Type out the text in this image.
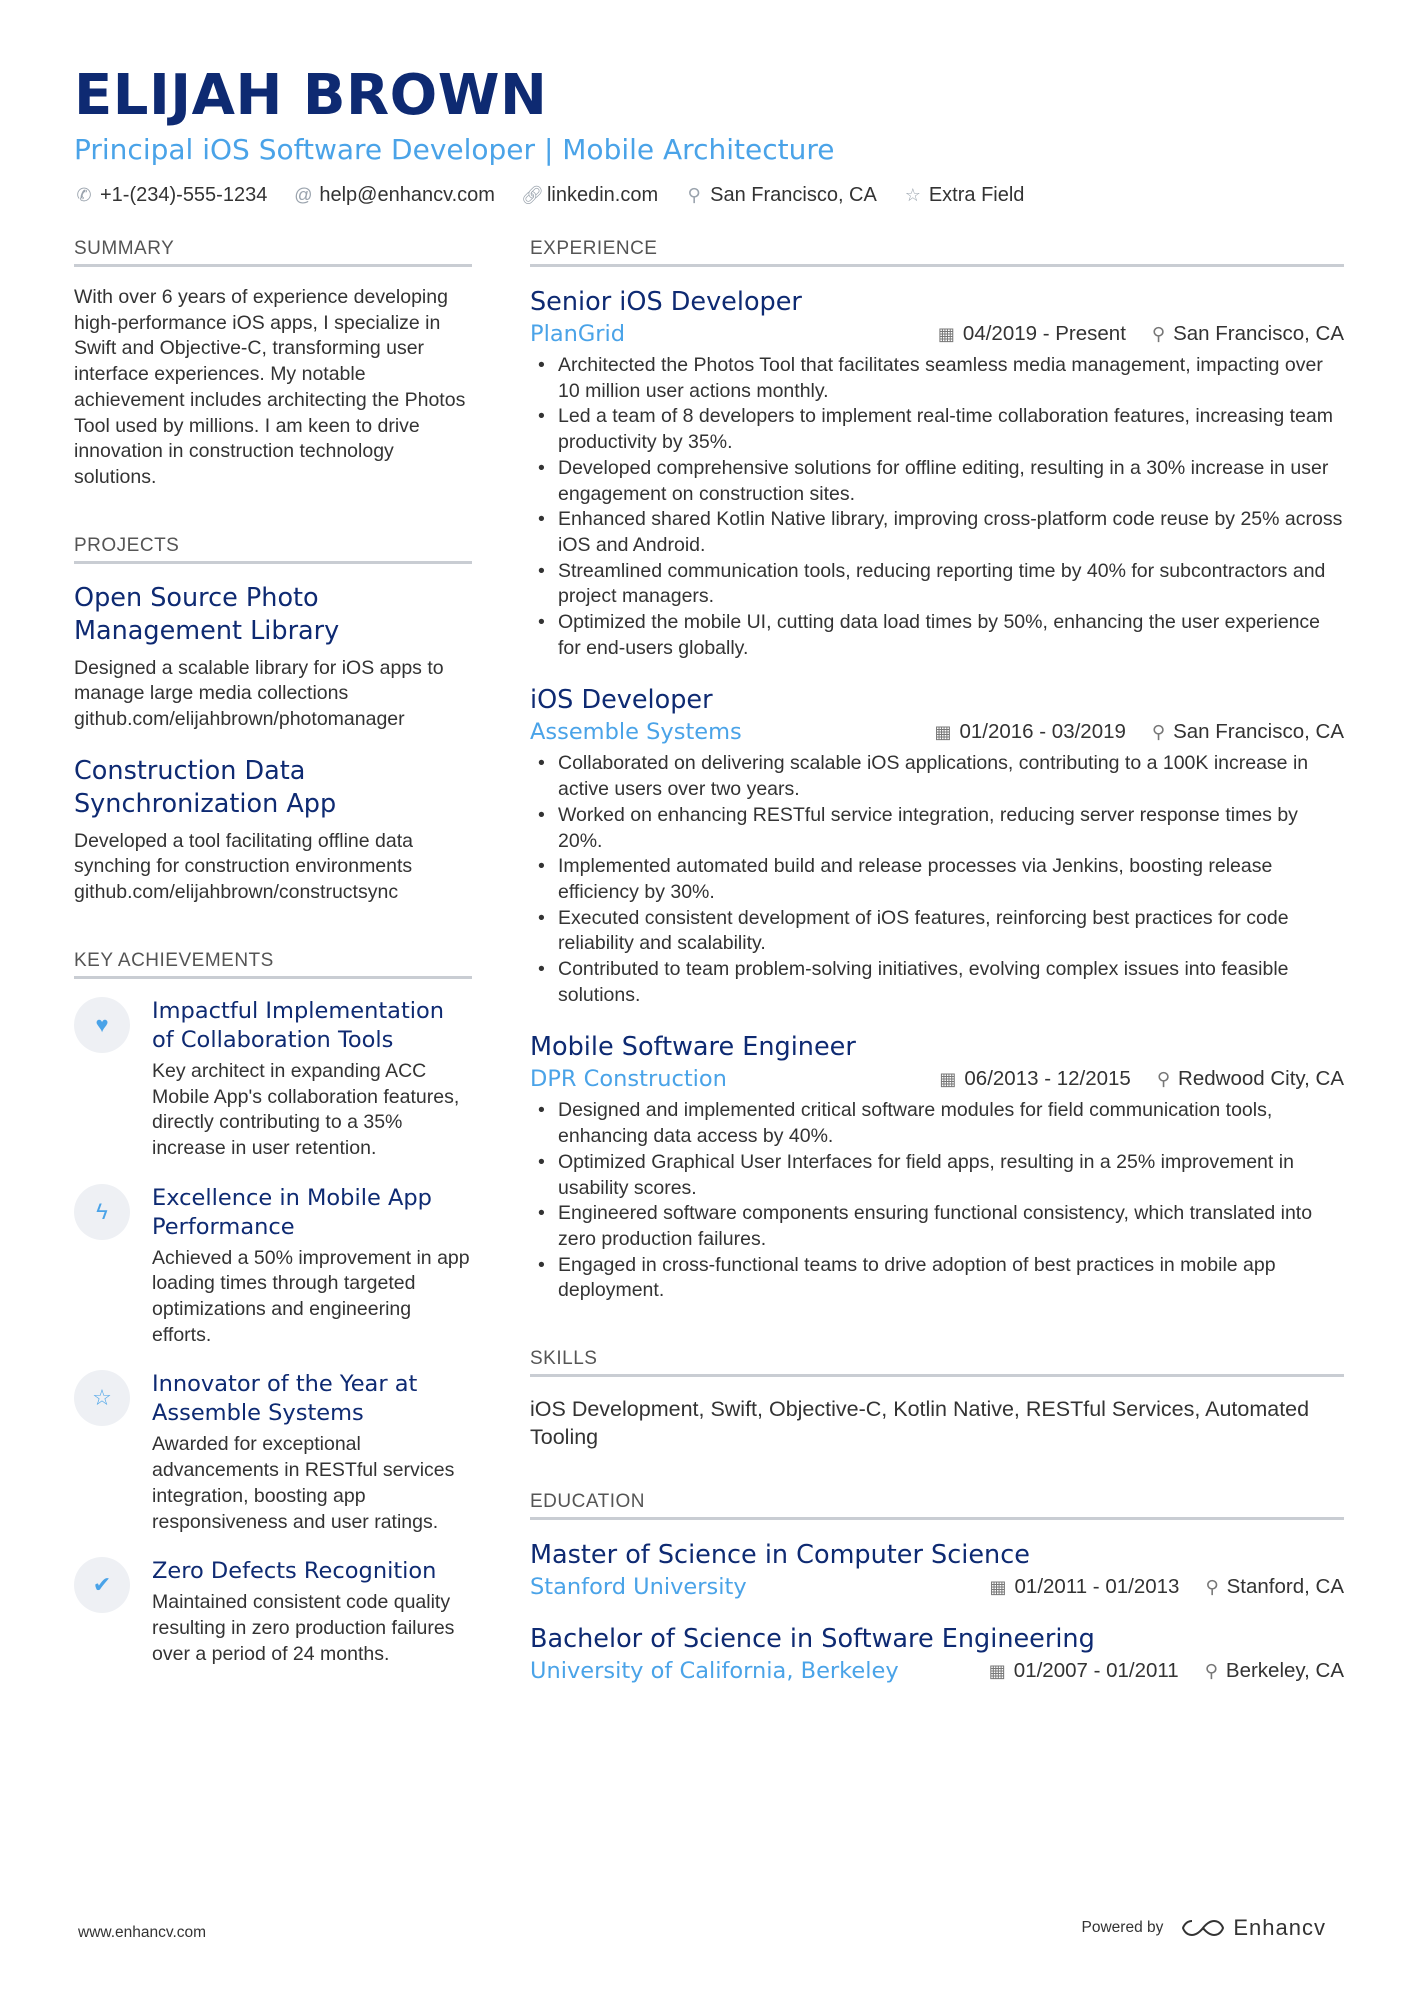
ELIJAH BROWN
Principal iOS Software Developer | Mobile Architecture
✆ +1-(234)-555-1234 @ help@enhancv.com 🔗︎ linkedin.com ⚲ San Francisco, CA ☆ Extra Field
SUMMARY
With over 6 years of experience developing high-performance iOS apps, I specialize in Swift and Objective-C, transforming user interface experiences. My notable achievement includes architecting the Photos Tool used by millions. I am keen to drive innovation in construction technology solutions.
PROJECTS
Open Source Photo Management Library
Designed a scalable library for iOS apps to manage large media collections github.com/elijahbrown/photomanager
Construction Data Synchronization App
Developed a tool facilitating offline data synching for construction environments github.com/elijahbrown/constructsync
KEY ACHIEVEMENTS
♥
Impactful Implementation of Collaboration Tools
Key architect in expanding ACC Mobile App's collaboration features, directly contributing to a 35% increase in user retention.
ϟ
Excellence in Mobile App Performance
Achieved a 50% improvement in app loading times through targeted optimizations and engineering efforts.
☆
Innovator of the Year at Assemble Systems
Awarded for exceptional advancements in RESTful services integration, boosting app responsiveness and user ratings.
✔
Zero Defects Recognition
Maintained consistent code quality resulting in zero production failures over a period of 24 months.
EXPERIENCE
Senior iOS Developer
PlanGrid	▦ 04/2019 - Present ⚲ San Francisco, CA
• Architected the Photos Tool that facilitates seamless media management, impacting over 10 million user actions monthly.
• Led a team of 8 developers to implement real-time collaboration features, increasing team productivity by 35%.
• Developed comprehensive solutions for offline editing, resulting in a 30% increase in user engagement on construction sites.
• Enhanced shared Kotlin Native library, improving cross-platform code reuse by 25% across iOS and Android.
• Streamlined communication tools, reducing reporting time by 40% for subcontractors and project managers.
• Optimized the mobile UI, cutting data load times by 50%, enhancing the user experience for end-users globally.
iOS Developer
Assemble Systems	▦ 01/2016 - 03/2019 ⚲ San Francisco, CA
• Collaborated on delivering scalable iOS applications, contributing to a 100K increase in active users over two years.
• Worked on enhancing RESTful service integration, reducing server response times by 20%.
• Implemented automated build and release processes via Jenkins, boosting release efficiency by 30%.
• Executed consistent development of iOS features, reinforcing best practices for code reliability and scalability.
• Contributed to team problem-solving initiatives, evolving complex issues into feasible solutions.
Mobile Software Engineer
DPR Construction	▦ 06/2013 - 12/2015 ⚲ Redwood City, CA
• Designed and implemented critical software modules for field communication tools, enhancing data access by 40%.
• Optimized Graphical User Interfaces for field apps, resulting in a 25% improvement in usability scores.
• Engineered software components ensuring functional consistency, which translated into zero production failures.
• Engaged in cross-functional teams to drive adoption of best practices in mobile app deployment.
SKILLS
iOS Development, Swift, Objective-C, Kotlin Native, RESTful Services, Automated Tooling
EDUCATION
Master of Science in Computer Science
Stanford University	▦ 01/2011 - 01/2013 ⚲ Stanford, CA
Bachelor of Science in Software Engineering
University of California, Berkeley	▦ 01/2007 - 01/2011 ⚲ Berkeley, CA
www.enhancv.com	Powered by	Enhancv
